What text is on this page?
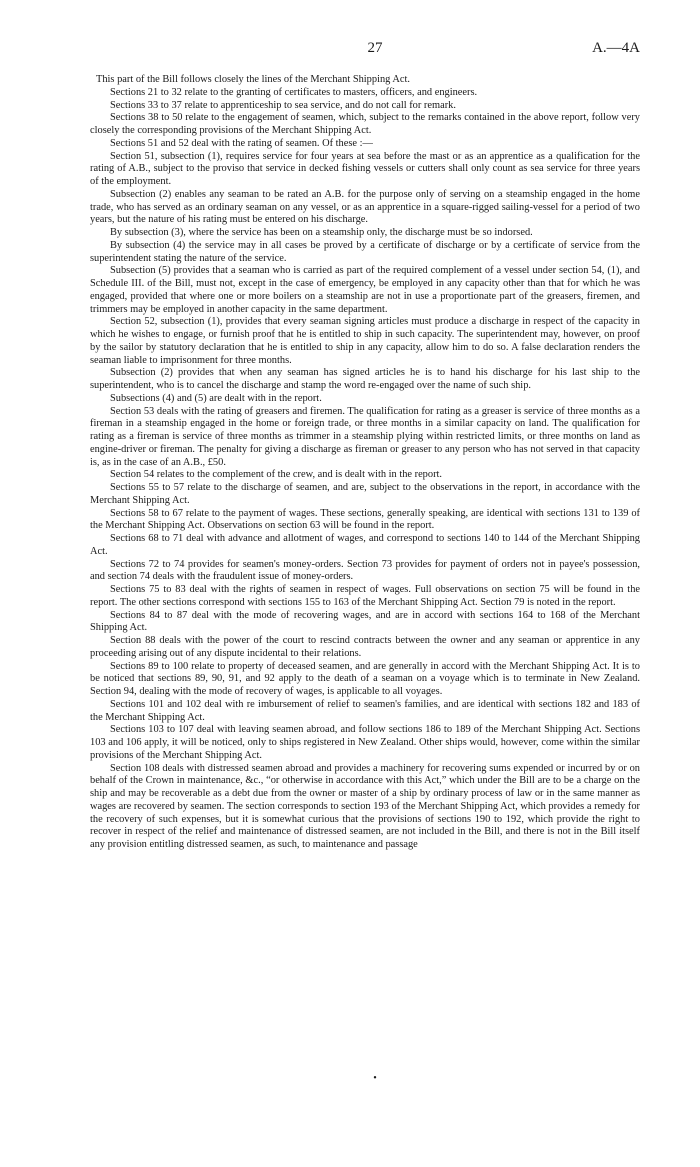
27	A.—4A

This part of the Bill follows closely the lines of the Merchant Shipping Act.

Sections 21 to 32 relate to the granting of certificates to masters, officers, and engineers.

Sections 33 to 37 relate to apprenticeship to sea service, and do not call for remark.

Sections 38 to 50 relate to the engagement of seamen, which, subject to the remarks contained in the above report, follow very closely the corresponding provisions of the Merchant Shipping Act.

Sections 51 and 52 deal with the rating of seamen. Of these :—

Section 51, subsection (1), requires service for four years at sea before the mast or as an apprentice as a qualification for the rating of A.B., subject to the proviso that service in decked fishing vessels or cutters shall only count as sea service for three years of the employment.

Subsection (2) enables any seaman to be rated an A.B. for the purpose only of serving on a steamship engaged in the home trade, who has served as an ordinary seaman on any vessel, or as an apprentice in a square-rigged sailing-vessel for a period of two years, but the nature of his rating must be entered on his discharge.

By subsection (3), where the service has been on a steamship only, the discharge must be so indorsed.

By subsection (4) the service may in all cases be proved by a certificate of discharge or by a certificate of service from the superintendent stating the nature of the service.

Subsection (5) provides that a seaman who is carried as part of the required complement of a vessel under section 54, (1), and Schedule III. of the Bill, must not, except in the case of emergency, be employed in any capacity other than that for which he was engaged, provided that where one or more boilers on a steamship are not in use a proportionate part of the greasers, firemen, and trimmers may be employed in another capacity in the same department.

Section 52, subsection (1), provides that every seaman signing articles must produce a discharge in respect of the capacity in which he wishes to engage, or furnish proof that he is entitled to ship in such capacity. The superintendent may, however, on proof by the sailor by statutory declaration that he is entitled to ship in any capacity, allow him to do so. A false declaration renders the seaman liable to imprisonment for three months.

Subsection (2) provides that when any seaman has signed articles he is to hand his discharge for his last ship to the superintendent, who is to cancel the discharge and stamp the word re-engaged over the name of such ship.

Subsections (4) and (5) are dealt with in the report.

Section 53 deals with the rating of greasers and firemen. The qualification for rating as a greaser is service of three months as a fireman in a steamship engaged in the home or foreign trade, or three months in a similar capacity on land. The qualification for rating as a fireman is service of three months as trimmer in a steamship plying within restricted limits, or three months on land as engine-driver or fireman. The penalty for giving a discharge as fireman or greaser to any person who has not served in that capacity is, as in the case of an A.B., £50.

Section 54 relates to the complement of the crew, and is dealt with in the report.

Sections 55 to 57 relate to the discharge of seamen, and are, subject to the observations in the report, in accordance with the Merchant Shipping Act.

Sections 58 to 67 relate to the payment of wages. These sections, generally speaking, are identical with sections 131 to 139 of the Merchant Shipping Act. Observations on section 63 will be found in the report.

Sections 68 to 71 deal with advance and allotment of wages, and correspond to sections 140 to 144 of the Merchant Shipping Act.

Sections 72 to 74 provides for seamen's money-orders. Section 73 provides for payment of orders not in payee's possession, and section 74 deals with the fraudulent issue of money-orders.

Sections 75 to 83 deal with the rights of seamen in respect of wages. Full observations on section 75 will be found in the report. The other sections correspond with sections 155 to 163 of the Merchant Shipping Act. Section 79 is noted in the report.

Sections 84 to 87 deal with the mode of recovering wages, and are in accord with sections 164 to 168 of the Merchant Shipping Act.

Section 88 deals with the power of the court to rescind contracts between the owner and any seaman or apprentice in any proceeding arising out of any dispute incidental to their relations.

Sections 89 to 100 relate to property of deceased seamen, and are generally in accord with the Merchant Shipping Act. It is to be noticed that sections 89, 90, 91, and 92 apply to the death of a seaman on a voyage which is to terminate in New Zealand. Section 94, dealing with the mode of recovery of wages, is applicable to all voyages.

Sections 101 and 102 deal with re imbursement of relief to seamen's families, and are identical with sections 182 and 183 of the Merchant Shipping Act.

Sections 103 to 107 deal with leaving seamen abroad, and follow sections 186 to 189 of the Merchant Shipping Act. Sections 103 and 106 apply, it will be noticed, only to ships registered in New Zealand. Other ships would, however, come within the similar provisions of the Merchant Shipping Act.

Section 108 deals with distressed seamen abroad and provides a machinery for recovering sums expended or incurred by or on behalf of the Crown in maintenance, &c., “or otherwise in accordance with this Act,” which under the Bill are to be a charge on the ship and may be recoverable as a debt due from the owner or master of a ship by ordinary process of law or in the same manner as wages are recovered by seamen. The section corresponds to section 193 of the Merchant Shipping Act, which provides a remedy for the recovery of such expenses, but it is somewhat curious that the provisions of sections 190 to 192, which provide the right to recover in respect of the relief and maintenance of distressed seamen, are not included in the Bill, and there is not in the Bill itself any provision entitling distressed seamen, as such, to maintenance and passage

•
